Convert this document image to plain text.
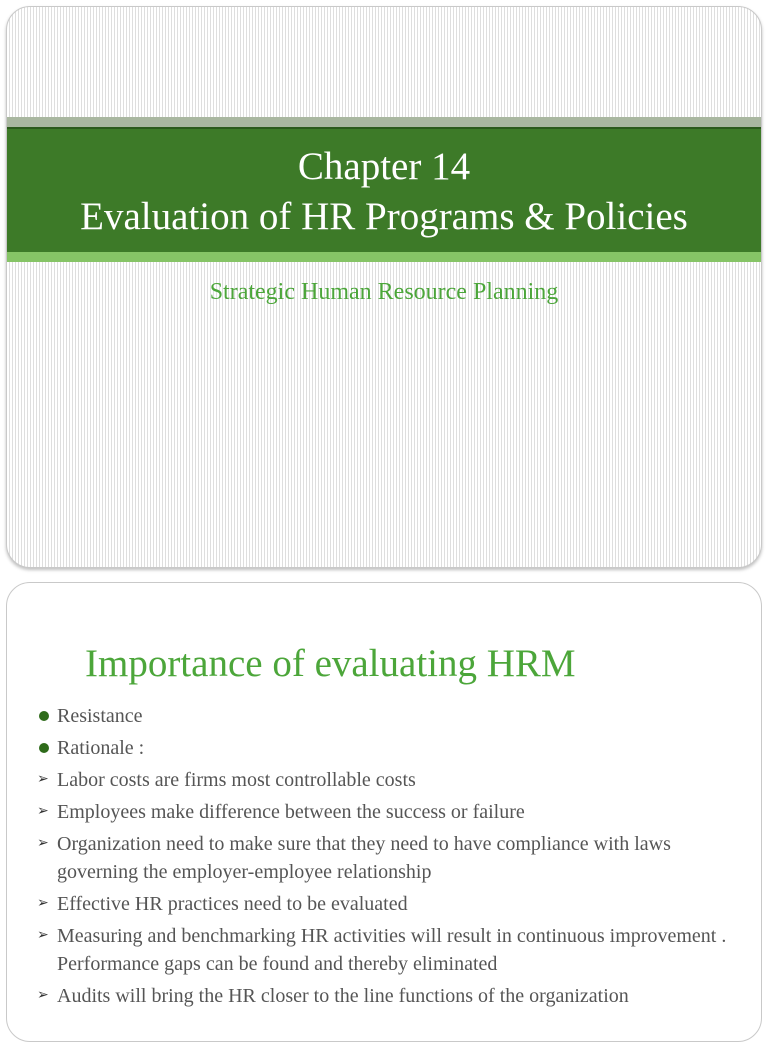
Chapter 14
Evaluation of HR Programs & Policies
Strategic Human Resource Planning
Importance of evaluating HRM
Resistance
Rationale :
➢ Labor costs are firms most controllable costs
➢ Employees make difference between the success or failure
➢ Organization need to make sure that they need to have compliance with laws governing the employer-employee relationship
➢ Effective HR practices need to be evaluated
➢ Measuring and benchmarking HR activities will result in continuous improvement . Performance gaps can be found and thereby eliminated
➢ Audits will bring the HR closer to the line functions of the organization
